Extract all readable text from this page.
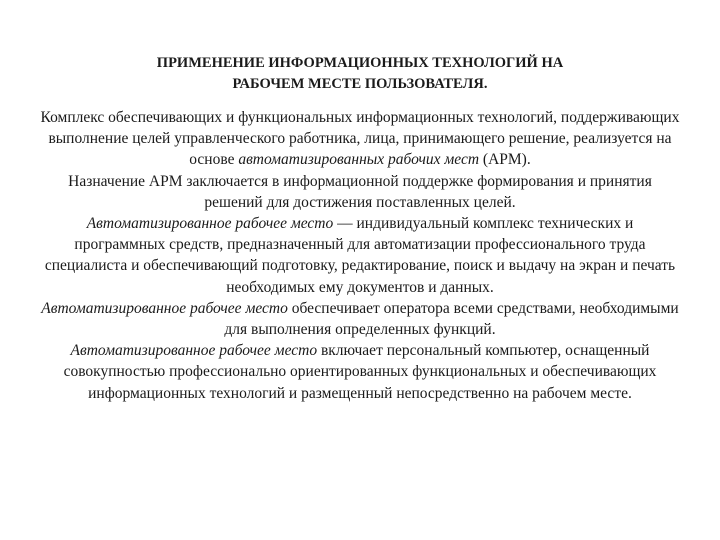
ПРИМЕНЕНИЕ ИНФОРМАЦИОННЫХ ТЕХНОЛОГИЙ НА
РАБОЧЕМ МЕСТЕ ПОЛЬЗОВАТЕЛЯ.

Комплекс обеспечивающих и функциональных информационных технологий, поддерживающих выполнение целей управленческого работника, лица, принимающего решение, реализуется на основе автоматизированных рабочих мест (АРМ).

Назначение АРМ заключается в информационной поддержке формирования и принятия решений для достижения поставленных целей.

Автоматизированное рабочее место — индивидуальный комплекс технических и программных средств, предназначенный для автоматизации профессионального труда специалиста и обеспечивающий подготовку, редактирование, поиск и выдачу на экран и печать необходимых ему документов и данных.

Автоматизированное рабочее место обеспечивает оператора всеми средствами, необходимыми для выполнения определенных функций.

Автоматизированное рабочее место включает персональный компьютер, оснащенный совокупностью профессионально ориентированных функциональных и обеспечивающих информационных технологий и размещенный непосредственно на рабочем месте.
